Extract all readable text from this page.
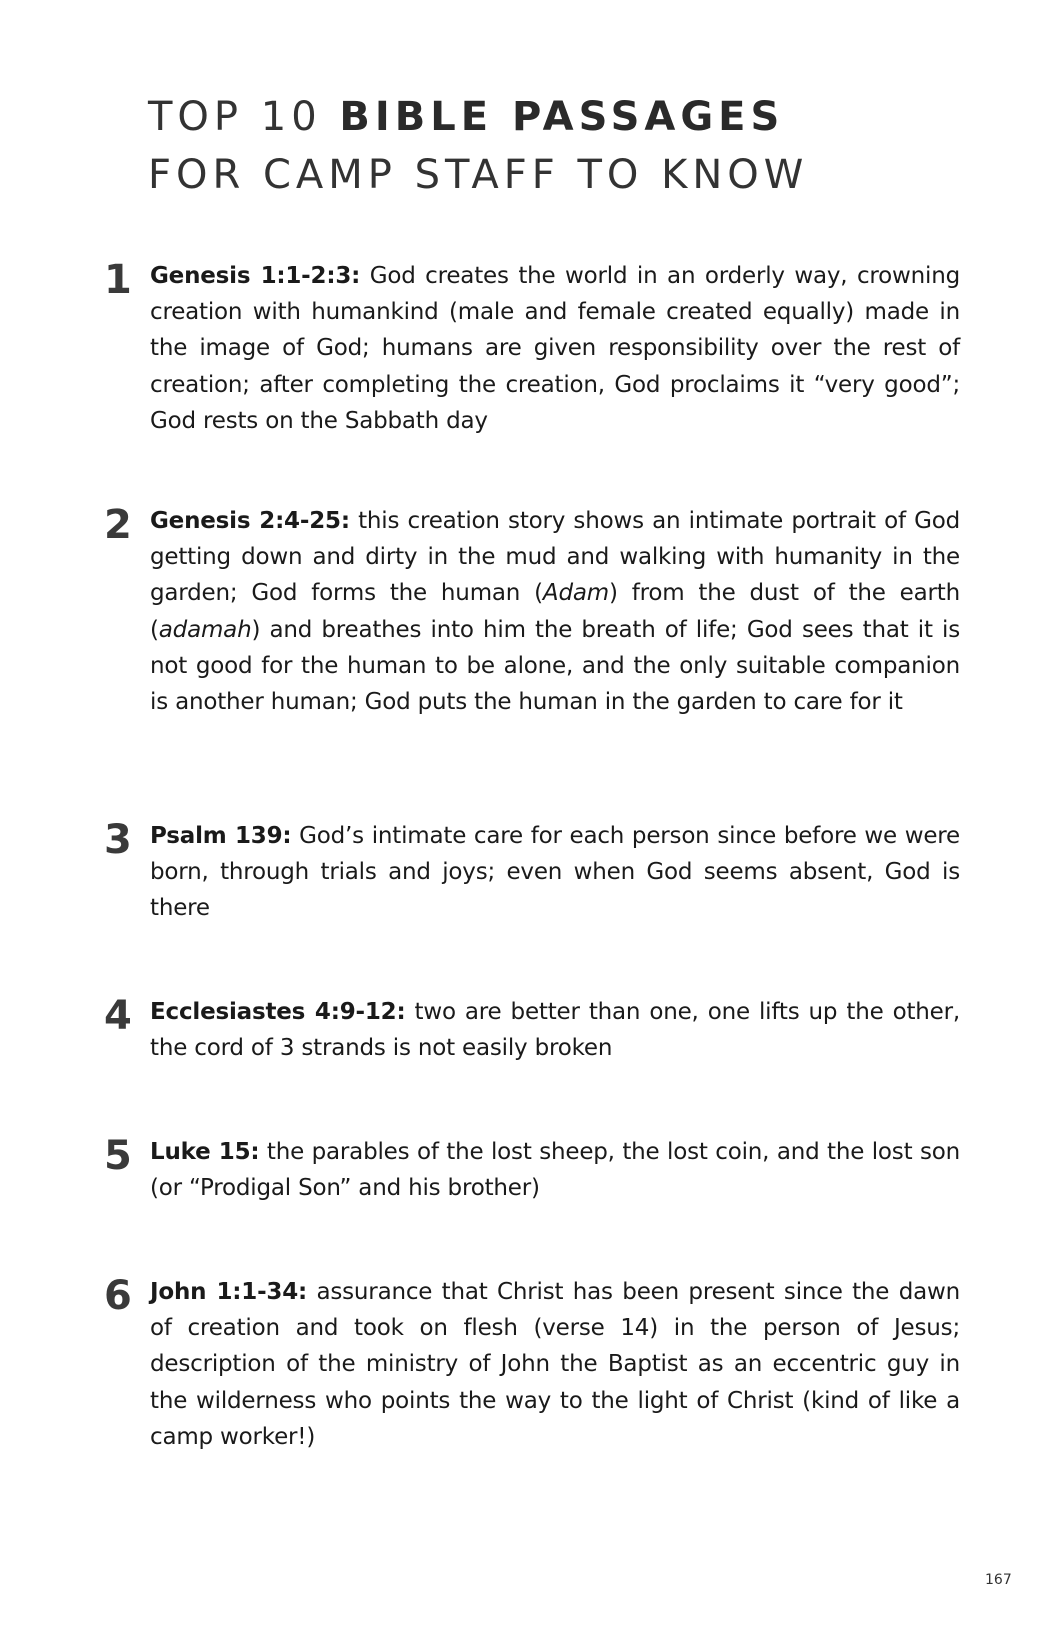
TOP 10 BIBLE PASSAGES
FOR CAMP STAFF TO KNOW
1 Genesis 1:1-2:3: God creates the world in an orderly way, crowning creation with humankind (male and female created equally) made in the image of God; humans are given responsibility over the rest of creation; after completing the creation, God proclaims it “very good”; God rests on the Sabbath day

2 Genesis 2:4-25: this creation story shows an intimate portrait of God getting down and dirty in the mud and walking with humanity in the garden; God forms the human (Adam) from the dust of the earth (adamah) and breathes into him the breath of life; God sees that it is not good for the human to be alone, and the only suitable companion is another human; God puts the human in the garden to care for it

3 Psalm 139: God’s intimate care for each person since before we were born, through trials and joys; even when God seems absent, God is there

4 Ecclesiastes 4:9-12: two are better than one, one lifts up the other, the cord of 3 strands is not easily broken

5 Luke 15: the parables of the lost sheep, the lost coin, and the lost son (or “Prodigal Son” and his brother)

6 John 1:1-34: assurance that Christ has been present since the dawn of creation and took on flesh (verse 14) in the person of Jesus; description of the ministry of John the Baptist as an eccentric guy in the wilderness who points the way to the light of Christ (kind of like a camp worker!)

167
